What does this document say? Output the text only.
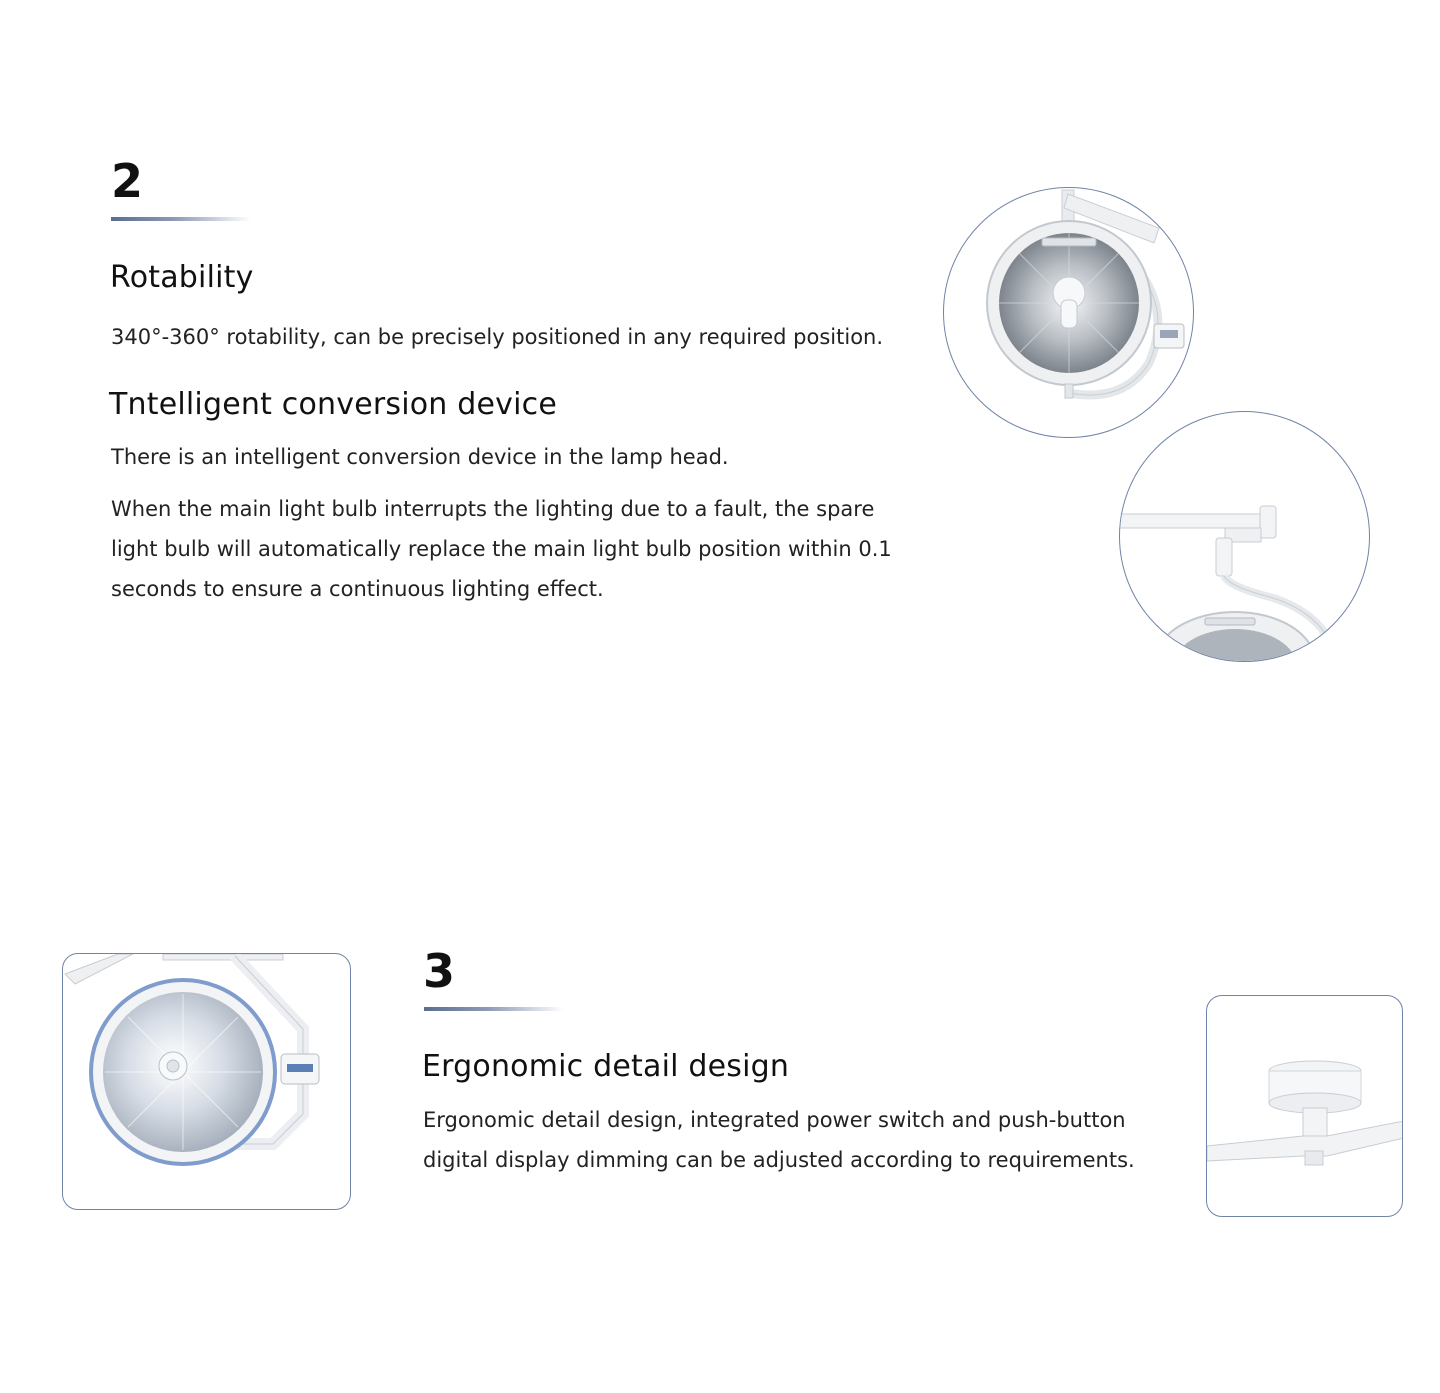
2
Rotability
340°-360° rotability, can be precisely positioned in any required position.
Tntelligent conversion device
There is an intelligent conversion device in the lamp head.
When the main light bulb interrupts the lighting due to a fault, the spare light bulb will automatically replace the main light bulb position within 0.1 seconds to ensure a continuous lighting effect.
3
Ergonomic detail design
Ergonomic detail design, integrated power switch and push-button digital display dimming can be adjusted according to requirements.
